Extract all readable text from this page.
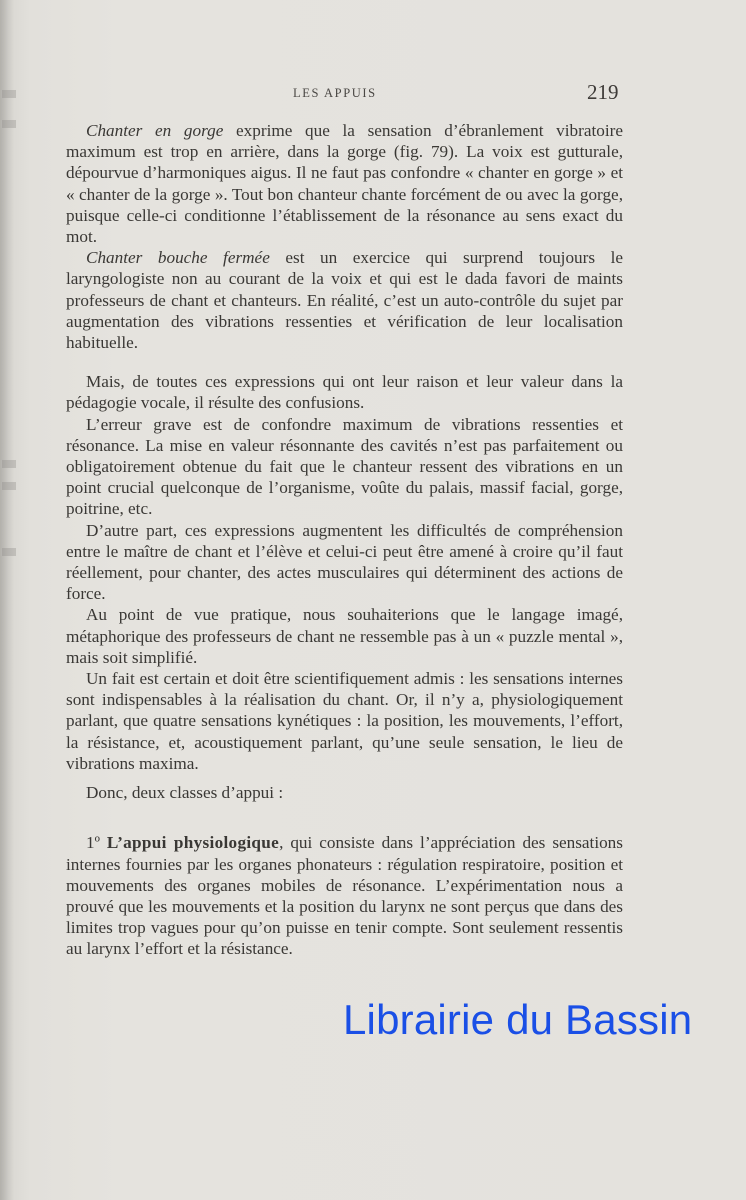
LES APPUIS	219

Chanter en gorge exprime que la sensation d’ébranlement vibratoire maximum est trop en arrière, dans la gorge (fig. 79). La voix est gutturale, dépourvue d’harmoniques aigus. Il ne faut pas confondre « chanter en gorge » et « chanter de la gorge ». Tout bon chanteur chante forcément de ou avec la gorge, puisque celle-ci conditionne l’établissement de la résonance au sens exact du mot.

Chanter bouche fermée est un exercice qui surprend toujours le laryngologiste non au courant de la voix et qui est le dada favori de maints professeurs de chant et chanteurs. En réalité, c’est un auto-contrôle du sujet par augmentation des vibrations ressenties et vérification de leur localisation habituelle.

Mais, de toutes ces expressions qui ont leur raison et leur valeur dans la pédagogie vocale, il résulte des confusions.

L’erreur grave est de confondre maximum de vibrations ressenties et résonance. La mise en valeur résonnante des cavités n’est pas parfaitement ou obligatoirement obtenue du fait que le chanteur ressent des vibrations en un point crucial quelconque de l’organisme, voûte du palais, massif facial, gorge, poitrine, etc.

D’autre part, ces expressions augmentent les difficultés de compréhension entre le maître de chant et l’élève et celui-ci peut être amené à croire qu’il faut réellement, pour chanter, des actes musculaires qui déterminent des actions de force.

Au point de vue pratique, nous souhaiterions que le langage imagé, métaphorique des professeurs de chant ne ressemble pas à un « puzzle mental », mais soit simplifié.

Un fait est certain et doit être scientifiquement admis : les sensations internes sont indispensables à la réalisation du chant. Or, il n’y a, physiologiquement parlant, que quatre sensations kynétiques : la position, les mouvements, l’effort, la résistance, et, acoustiquement parlant, qu’une seule sensation, le lieu de vibrations maxima.

Donc, deux classes d’appui :

1º L’appui physiologique, qui consiste dans l’appréciation des sensations internes fournies par les organes phonateurs : régulation respiratoire, position et mouvements des organes mobiles de résonance. L’expérimentation nous a prouvé que les mouvements et la position du larynx ne sont perçus que dans des limites trop vagues pour qu’on puisse en tenir compte. Sont seulement ressentis au larynx l’effort et la résistance.

Librairie du Bassin
